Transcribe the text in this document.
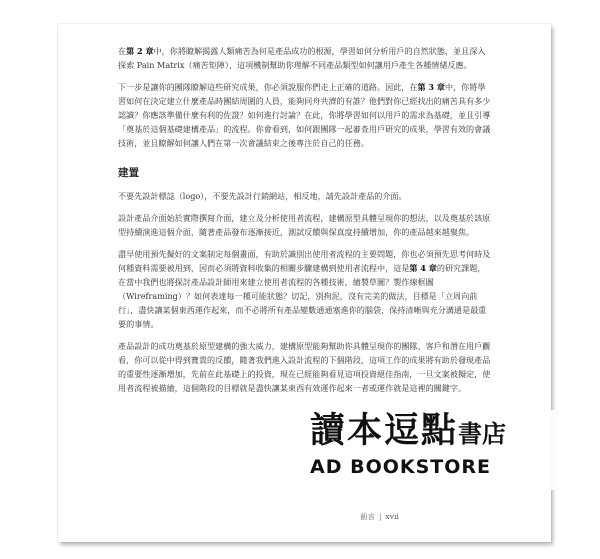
在第 2 章中，你將瞭解揭露人類痛苦為何是產品成功的根源，學習如何分析用戶的自然狀態，並且深入探索 Pain Matrix（痛苦矩陣），這項機制幫助你理解不同產品類型如何讓用戶產生各種情緒反應。

下一步是讓你的團隊瞭解這些研究成果，你必須說服你們走上正確的道路。因此，在第 3 章中，你將學習如何在決定建立什麼產品時團結周圍的人員，能夠同舟共濟的有誰？他們對你已經找出的痛苦具有多少認識？你應該準備什麼有利的佐證？如何進行討論？在此，你將學習如何以用戶的需求為基礎，並且引導「奠基於這個基礎建構產品」的流程。你會看到，如何跟團隊一起審查用戶研究的成果，學習有效的會議技術，並且瞭解如何讓人們在第一次會議結束之後專注於自己的任務。

建置

不要先設計標誌（logo），不要先設計行銷網站，相反地，請先設計產品的介面。

設計產品介面始於實際撰寫介面，建立及分析使用者流程，建構原型具體呈現你的想法，以及奠基於該原型持續演進這個介面，隨著產品發布逐漸接近，測試反饋與保真度持續增加，你的產品越來越聚焦。

盡早使用預先擬好的文案制定每個畫面，有助於識別出使用者流程的主要問題，你也必須預先思考何時及何種資料需要被用到，因而必須將資料收集的相關步驟建構到使用者流程中，這是第 4 章的研究課題，在當中我們也將探討產品設計師用來建立使用者流程的各種技術，繪製草圖？製作線框圖（Wireframing）？如何表達每一種可能狀態？切記，別拘泥，沒有完美的做法，目標是「立周向前行」，盡快讓某個東西運作起來，而不必將所有產品變數通通塞進你的腦袋，保持清晰與充分溝通是最重要的事情。

產品設計的成功奠基於原型建構的強大威力，建構原型能夠幫助你具體呈現你的團隊、客戶和潛在用戶觀看，你可以從中得到寶貴的反饋，隨著我們進入設計流程的下個階段，這項工作的成果將有助於發現產品的重要性逐漸增加，先前在此基礎上的投資，現在已經能夠看見這項投資絕佳指南，一旦文案被擬定，使用者流程被描繪，這個階段的目標就是盡快讓某東西有效運作起來一者或運作就是這裡的關鍵字。

前言 | xvii
讀本逗點書店
AD BOOKSTORE
